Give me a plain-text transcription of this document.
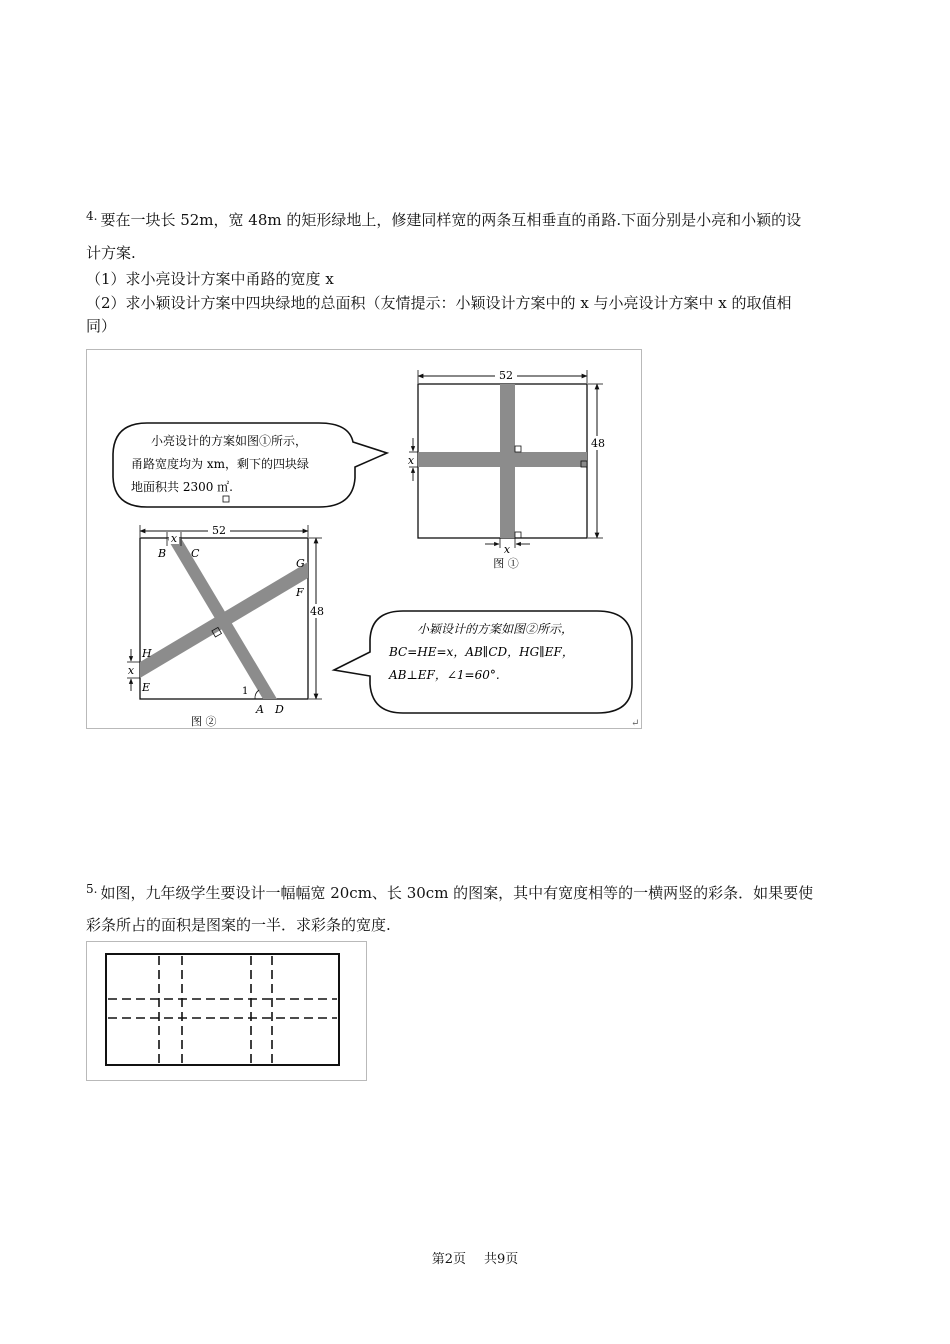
$^{4.}$ 要在一块长 52m，宽 48m 的矩形绿地上，修建同样宽的两条互相垂直的甬路.下面分别是小亮和小颖的设
计方案.
（1）求小亮设计方案中甬路的宽度 x
（2）求小颖设计方案中四块绿地的总面积（友情提示：小颖设计方案中的 x 与小亮设计方案中 x 的取值相
同）
小亮设计的方案如图①所示，
甬路宽度均为 xm，剩下的四块绿
地面积共 2300 ㎡.
52
48
x
x
图 ①
1
52
x
48
x
B C
G
F
H
E
A D
图 ②
小颖设计的方案如图②所示，
BC=HE=x，AB∥CD，HG∥EF，
AB⊥EF，∠1=60°.
↵
$^{5.}$ 如图，九年级学生要设计一幅幅宽 20cm、长 30cm 的图案，其中有宽度相等的一横两竖的彩条．如果要使
彩条所占的面积是图案的一半．求彩条的宽度.
第2页 共9页
